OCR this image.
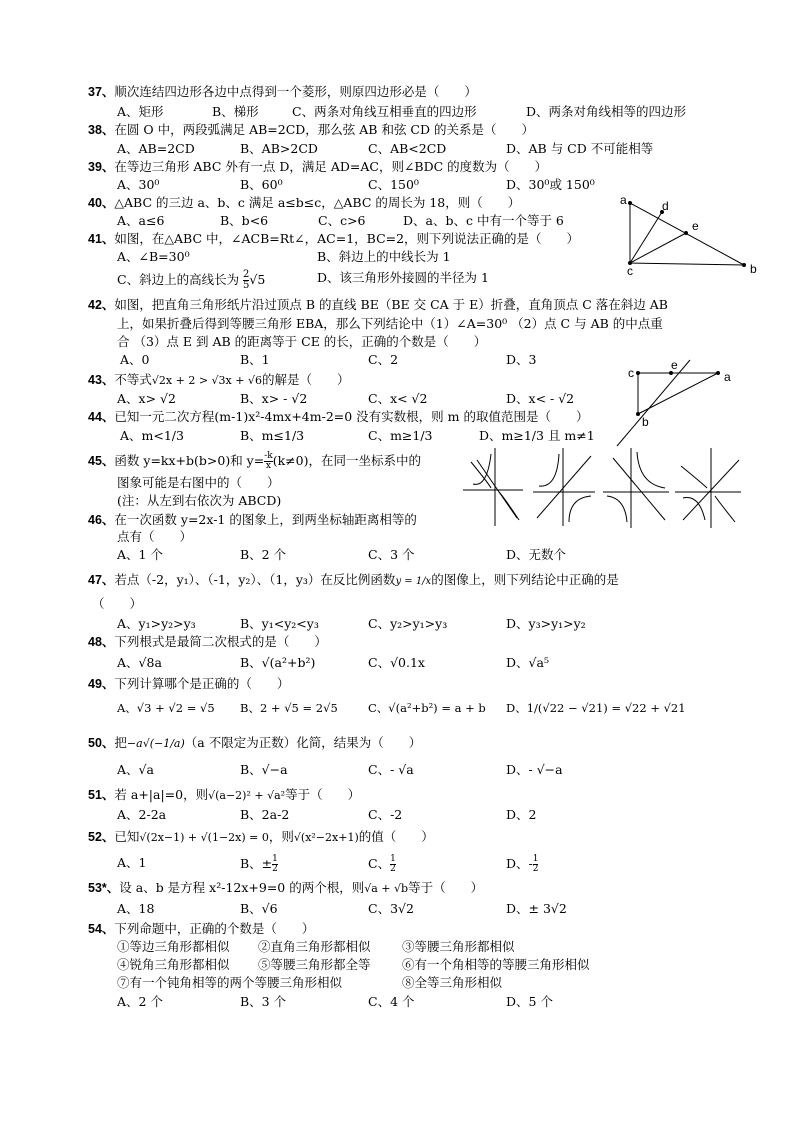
37、顺次连结四边形各边中点得到一个菱形，则原四边形必是（　　）
A、矩形	B、梯形	C、两条对角线互相垂直的四边形	D、两条对角线相等的四边形
38、在圆 O 中，两段弧满足 AB=2CD，那么弦 AB 和弦 CD 的关系是（　　）
A、AB=2CD	B、AB>2CD	C、AB<2CD	D、AB 与 CD 不可能相等
39、在等边三角形 ABC 外有一点 D，满足 AD=AC，则∠BDC 的度数为（　　）
A、30⁰	B、60⁰	C、150⁰	D、30⁰或 150⁰
40、△ABC 的三边 a、b、c 满足 a≤b≤c，△ABC 的周长为 18，则（　　）
A、a≤6	B、b<6	C、c>6	D、a、b、c 中有一个等于 6
41、如图，在△ABC 中，∠ACB=Rt∠，AC=1，BC=2，则下列说法正确的是（　　）
A、∠B=30⁰	B、斜边上的中线长为 1
C、斜边上的高线长为 $\frac{2}{5} √5$	D、该三角形外接圆的半径为 1
a	d
e
c	b
42、如图，把直角三角形纸片沿过顶点 B 的直线 BE（BE 交 CA 于 E）折叠，直角顶点 C 落在斜边 AB
上，如果折叠后得到等腰三角形 EBA，那么下列结论中（1）∠A=30⁰ （2）点 C 与 AB 的中点重
合 （3）点 E 到 AB 的距离等于 CE 的长，正确的个数是（　　）
A、0	B、1	C、2	D、3
c
e
a
b
43、不等式√2x + 2 > √3x + √6的解是（　　）
A、x> √2	B、x> - √2	C、x< √2	D、x< - √2
44、已知一元二次方程(m-1)x²-4mx+4m-2=0 没有实数根，则 m 的取值范围是（　　）
A、m<1/3	B、m≤1/3	C、m≥1/3	D、m≥1/3 且 m≠1
45、函数 y=kx+b(b>0)和 $y= \frac{-k}{x} (k\ne 0)$，在同一坐标系中的
图象可能是右图中的（　　）
(注：从左到右依次为 ABCD)
46、在一次函数 y=2x-1 的图象上，到两坐标轴距离相等的
点有（　　）
A、1 个	B、2 个	C、3 个	D、无数个
47、若点（-2，y₁）、（-1，y₂）、（1，y₃）在反比例函数y = 1/x的图像上，则下列结论中正确的是
（　　）
A、y₁>y₂>y₃	B、y₁<y₂<y₃	C、y₂>y₁>y₃	D、y₃>y₁>y₂
48、下列根式是最简二次根式的是（　　）
A、√8a	B、√(a²+b²)	C、√0.1x	D、√a⁵
49、下列计算哪个是正确的（　　）
A、√3 + √2 = √5 B、2 + √5 = 2√5	C、√(a²+b²) = a + b D、1/(√22 − √21) = √22 + √21
50、把−a√(−1/a)（a 不限定为正数）化简，结果为（　　）
A、√a	B、√−a	C、- √a	D、- √−a
51、若 a+|a|=0，则√(a−2)² + √a²等于（　　）
A、2-2a	B、2a-2	C、-2	D、2
52、已知√(2x−1) + √(1−2x) = 0，则√(x²−2x+1)的值（　　）
A、1	B、± $\frac{1}{2}$	C、 $\frac{1}{2}$	D、- $\frac{1}{2}$
53*、设 a、b 是方程 x²-12x+9=0 的两个根，则√a + √b等于（　　）
A、18	B、√6	C、3√2	D、± 3√2
54、下列命题中，正确的个数是（　　）
①等边三角形都相似 ②直角三角形都相似	③等腰三角形都相似
④锐角三角形都相似 ⑤等腰三角形都全等	⑥有一个角相等的等腰三角形相似
⑦有一个钝角相等的两个等腰三角形相似	⑧全等三角形相似
A、2 个	B、3 个	C、4 个	D、5 个
